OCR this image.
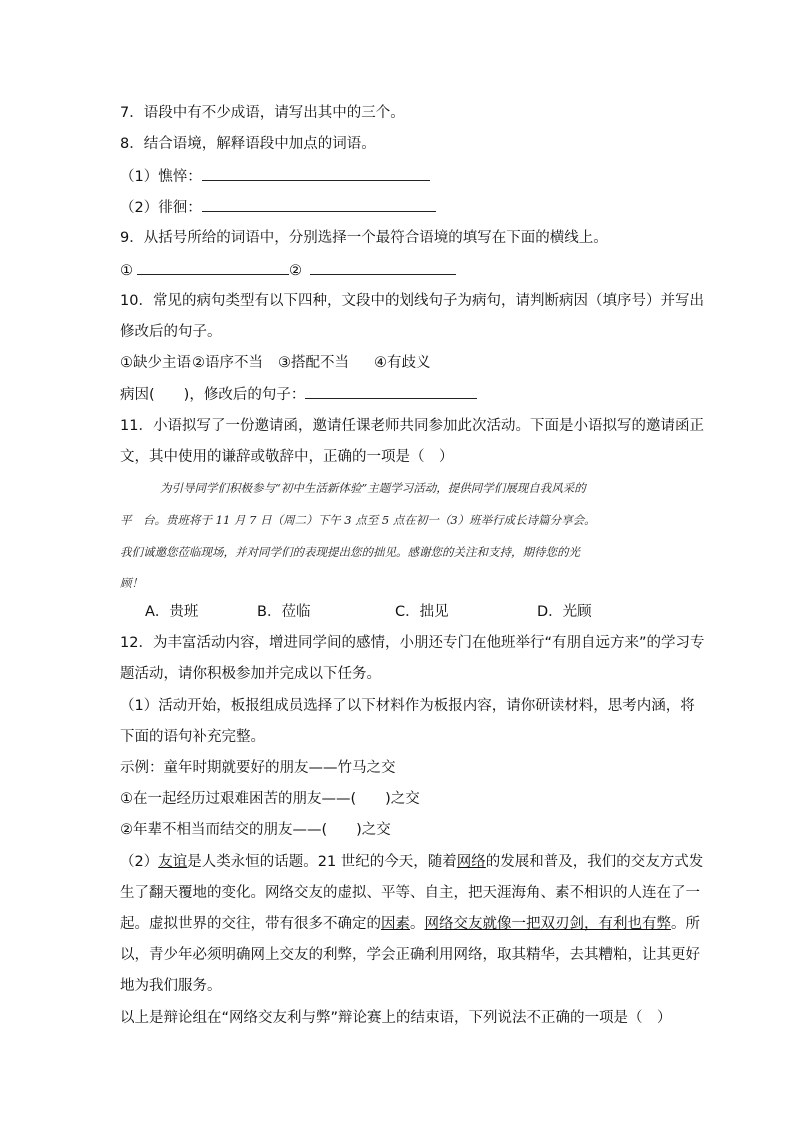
7．语段中有不少成语，请写出其中的三个。
8．结合语境，解释语段中加点的词语。
（1）憔悴：
（2）徘徊：
9．从括号所给的词语中，分别选择一个最符合语境的填写在下面的横线上。
①	②
10．常见的病句类型有以下四种，文段中的划线句子为病句，请判断病因（填序号）并写出
修改后的句子。
①缺少主语②语序不当 ③搭配不当 ④有歧义
病因(　　)，修改后的句子：
11．小语拟写了一份邀请函，邀请任课老师共同参加此次活动。下面是小语拟写的邀请函正
文，其中使用的谦辞或敬辞中，正确的一项是（　）
为引导同学们积极参与“初中生活新体验”主题学习活动，提供同学们展现自我风采的
平　台。贵班将于 11 月 7 日（周二）下午 3 点至 5 点在初一（3）班举行成长诗篇分享会。
我们诚邀您莅临现场，并对同学们的表现提出您的拙见。感谢您的关注和支持，期待您的光
顾！
A．贵班	B．莅临	C．拙见	D．光顾
12．为丰富活动内容，增进同学间的感情，小朋还专门在他班举行“有朋自远方来”的学习专
题活动，请你积极参加并完成以下任务。
（1）活动开始，板报组成员选择了以下材料作为板报内容，请你研读材料，思考内涵，将
下面的语句补充完整。
示例：童年时期就要好的朋友——竹马之交
①在一起经历过艰难困苦的朋友——(　　)之交
②年辈不相当而结交的朋友——(　　)之交
（2）友谊是人类永恒的话题。21 世纪的今天，随着网络的发展和普及，我们的交友方式发
生了翻天覆地的变化。网络交友的虚拟、平等、自主，把天涯海角、素不相识的人连在了一
起。虚拟世界的交往，带有很多不确定的因素。网络交友就像一把双刃剑，有利也有弊。所
以，青少年必须明确网上交友的利弊，学会正确利用网络，取其精华，去其糟粕，让其更好
地为我们服务。
以上是辩论组在“网络交友利与弊”辩论赛上的结束语，下列说法不正确的一项是（　）
